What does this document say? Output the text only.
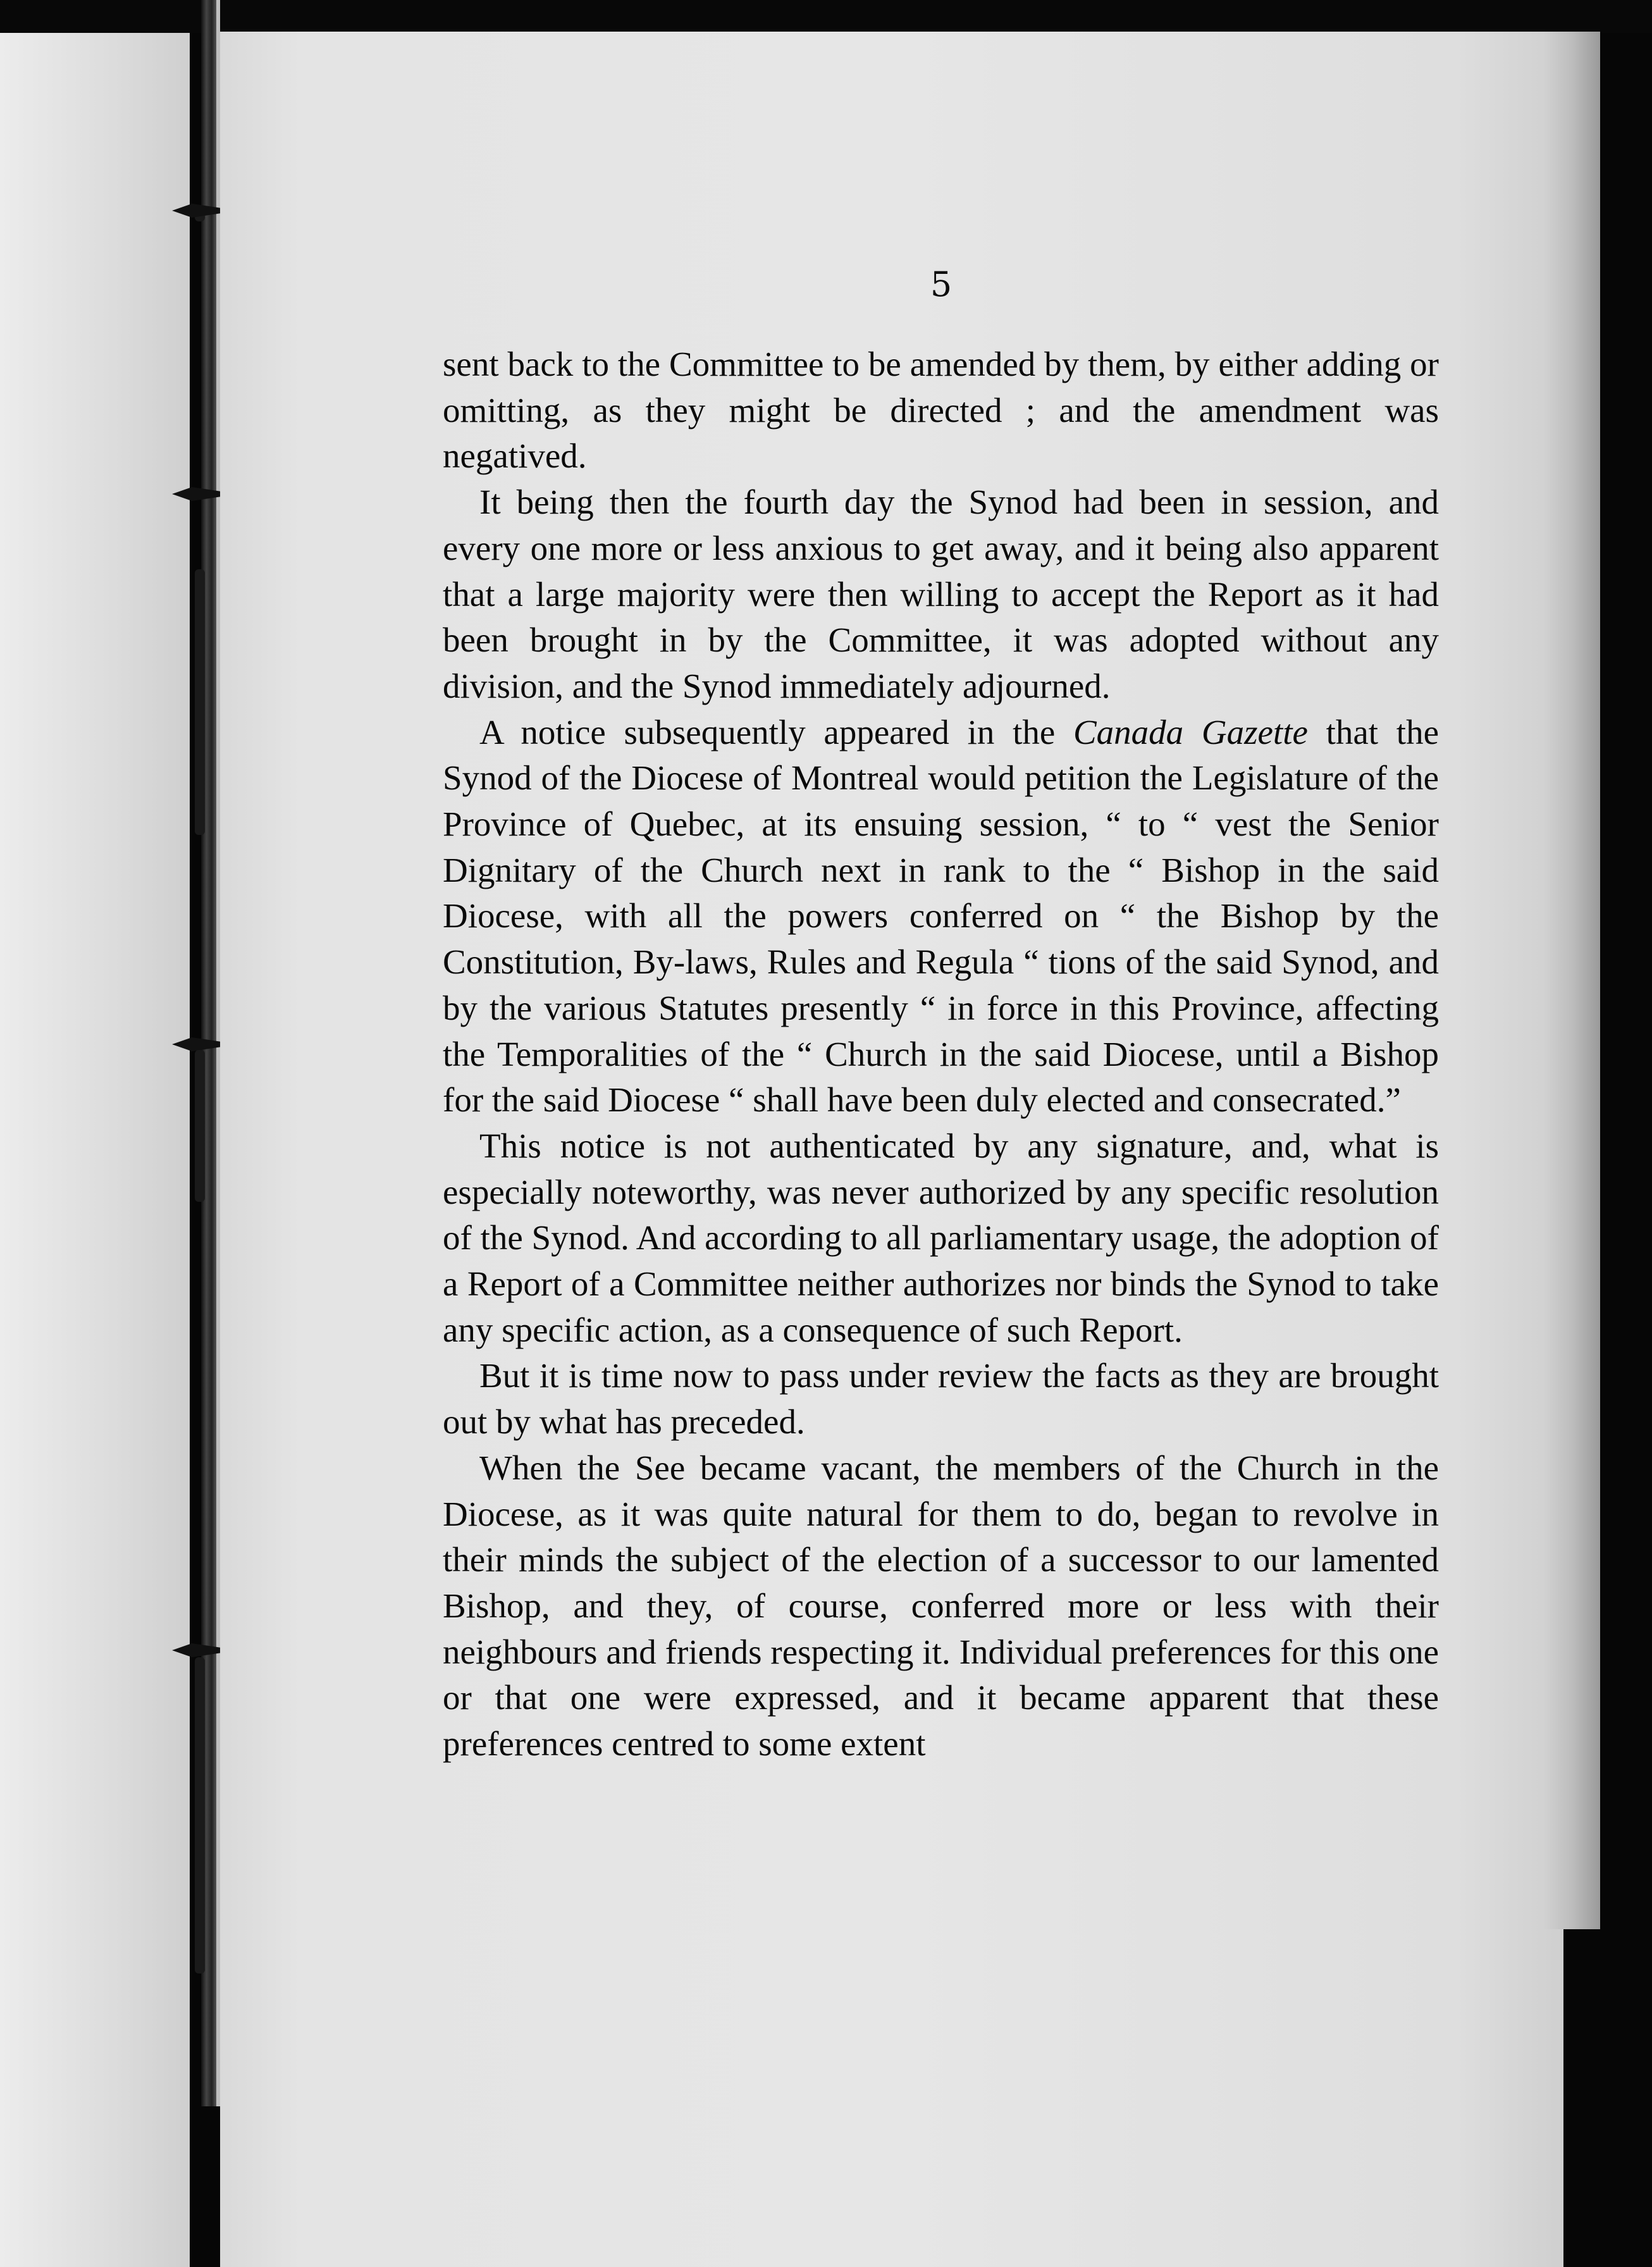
5

sent back to the Committee to be amended by them, by either adding or omitting, as they might be directed ; and the amendment was negatived.

It being then the fourth day the Synod had been in session, and every one more or less anxious to get away, and it being also apparent that a large majority were then willing to accept the Report as it had been brought in by the Committee, it was adopted without any division, and the Synod immediately adjourned.

A notice subsequently appeared in the Canada Gazette that the Synod of the Diocese of Montreal would petition the Legislature of the Province of Quebec, at its ensuing session, “ to “ vest the Senior Dignitary of the Church next in rank to the “ Bishop in the said Diocese, with all the powers conferred on “ the Bishop by the Constitution, By-laws, Rules and Regula “ tions of the said Synod, and by the various Statutes presently “ in force in this Province, affecting the Temporalities of the “ Church in the said Diocese, until a Bishop for the said Diocese “ shall have been duly elected and consecrated.”

This notice is not authenticated by any signature, and, what is especially noteworthy, was never authorized by any specific resolution of the Synod. And according to all parliamentary usage, the adoption of a Report of a Committee neither authorizes nor binds the Synod to take any specific action, as a consequence of such Report.

But it is time now to pass under review the facts as they are brought out by what has preceded.

When the See became vacant, the members of the Church in the Diocese, as it was quite natural for them to do, began to revolve in their minds the subject of the election of a successor to our lamented Bishop, and they, of course, conferred more or less with their neighbours and friends respecting it. Individual preferences for this one or that one were expressed, and it became apparent that these preferences centred to some extent
